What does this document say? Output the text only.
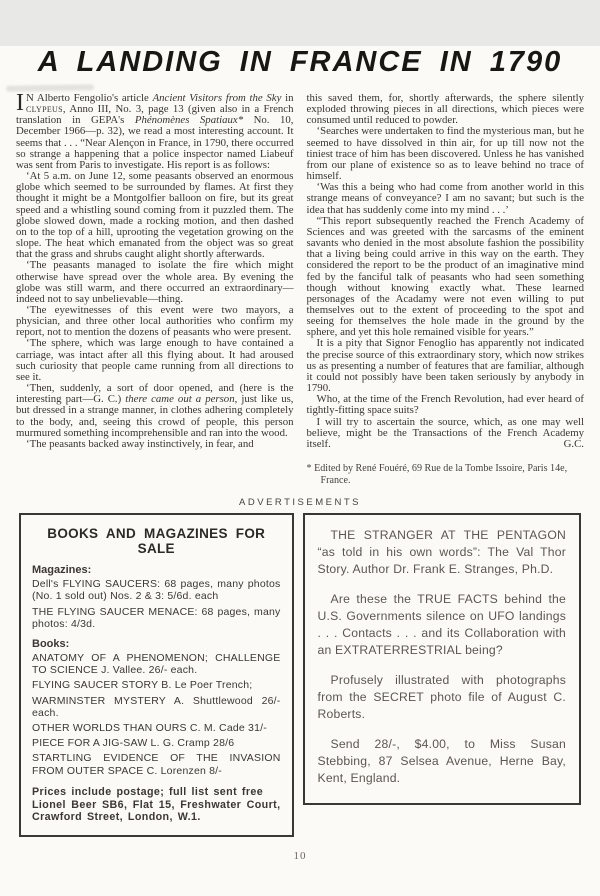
A LANDING IN FRANCE IN 1790

I N Alberto Fengolio's article Ancient Visitors from the Sky in clypeus, Anno III, No. 3, page 13 (given also in a French translation in GEPA's Phénomènes Spatiaux* No. 10, December 1966—p. 32), we read a most interesting account. It seems that . . . “Near Alençon in France, in 1790, there occurred so strange a happening that a police inspector named Liabeuf was sent from Paris to investigate. His report is as follows:

‘At 5 a.m. on June 12, some peasants observed an enormous globe which seemed to be surrounded by flames. At first they thought it might be a Montgolfier balloon on fire, but its great speed and a whistling sound coming from it puzzled them. The globe slowed down, made a rocking motion, and then dashed on to the top of a hill, uprooting the vegetation growing on the slope. The heat which emanated from the object was so great that the grass and shrubs caught alight shortly afterwards.

‘The peasants managed to isolate the fire which might otherwise have spread over the whole area. By evening the globe was still warm, and there occurred an extraordinary—indeed not to say unbelievable—thing.

‘The eyewitnesses of this event were two mayors, a physician, and three other local authorities who confirm my report, not to mention the dozens of peasants who were present.

‘The sphere, which was large enough to have contained a carriage, was intact after all this flying about. It had aroused such curiosity that people came running from all directions to see it.

‘Then, suddenly, a sort of door opened, and (here is the interesting part—G. C.) there came out a person, just like us, but dressed in a strange manner, in clothes adhering completely to the body, and, seeing this crowd of people, this person murmured something incomprehensible and ran into the wood.

‘The peasants backed away instinctively, in fear, and

this saved them, for, shortly afterwards, the sphere silently exploded throwing pieces in all directions, which pieces were consumed until reduced to powder.

‘Searches were undertaken to find the mysterious man, but he seemed to have dissolved in thin air, for up till now not the tiniest trace of him has been discovered. Unless he has vanished from our plane of existence so as to leave behind no trace of himself.

‘Was this a being who had come from another world in this strange means of conveyance? I am no savant; but such is the idea that has suddenly come into my mind . . .’

“This report subsequently reached the French Academy of Sciences and was greeted with the sarcasms of the eminent savants who denied in the most absolute fashion the possibility that a living being could arrive in this way on the earth. They considered the report to be the product of an imaginative mind fed by the fanciful talk of peasants who had seen something though without knowing exactly what. These learned personages of the Acadamy were not even willing to put themselves out to the extent of proceeding to the spot and seeing for themselves the hole made in the ground by the sphere, and yet this hole remained visible for years.”

It is a pity that Signor Fenoglio has apparently not indicated the precise source of this extraordinary story, which now strikes us as presenting a number of features that are familiar, although it could not possibly have been taken seriously by anybody in 1790.

Who, at the time of the French Revolution, had ever heard of tightly-fitting space suits?

I will try to ascertain the source, which, as one may well believe, might be the Transactions of the French Academy itself.	G.C.

* Edited by René Fouéré, 69 Rue de la Tombe Issoire, Paris 14e, France.

ADVERTISEMENTS
BOOKS AND MAGAZINES FOR SALE
Magazines:
Dell's FLYING SAUCERS: 68 pages, many photos (No. 1 sold out) Nos. 2 & 3: 5/6d. each
THE FLYING SAUCER MENACE: 68 pages, many photos: 4/3d.
Books:
ANATOMY OF A PHENOMENON; CHALLENGE TO SCIENCE J. Vallee. 26/- each.
FLYING SAUCER STORY B. Le Poer Trench;
WARMINSTER MYSTERY A. Shuttlewood 26/- each.
OTHER WORLDS THAN OURS C. M. Cade 31/-
PIECE FOR A JIG-SAW L. G. Cramp 28/6
STARTLING EVIDENCE OF THE INVASION FROM OUTER SPACE C. Lorenzen 8/-
Prices include postage; full list sent free
Lionel Beer SB6, Flat 15, Freshwater Court, Crawford Street, London, W.1.
THE STRANGER AT THE PENTAGON “as told in his own words”: The Val Thor Story. Author Dr. Frank E. Stranges, Ph.D.
Are these the TRUE FACTS behind the U.S. Governments silence on UFO landings . . . Contacts . . . and its Collaboration with an EXTRATERRESTRIAL being?
Profusely illustrated with photographs from the SECRET photo file of August C. Roberts.
Send 28/-, $4.00, to Miss Susan Stebbing, 87 Selsea Avenue, Herne Bay, Kent, England.
10
